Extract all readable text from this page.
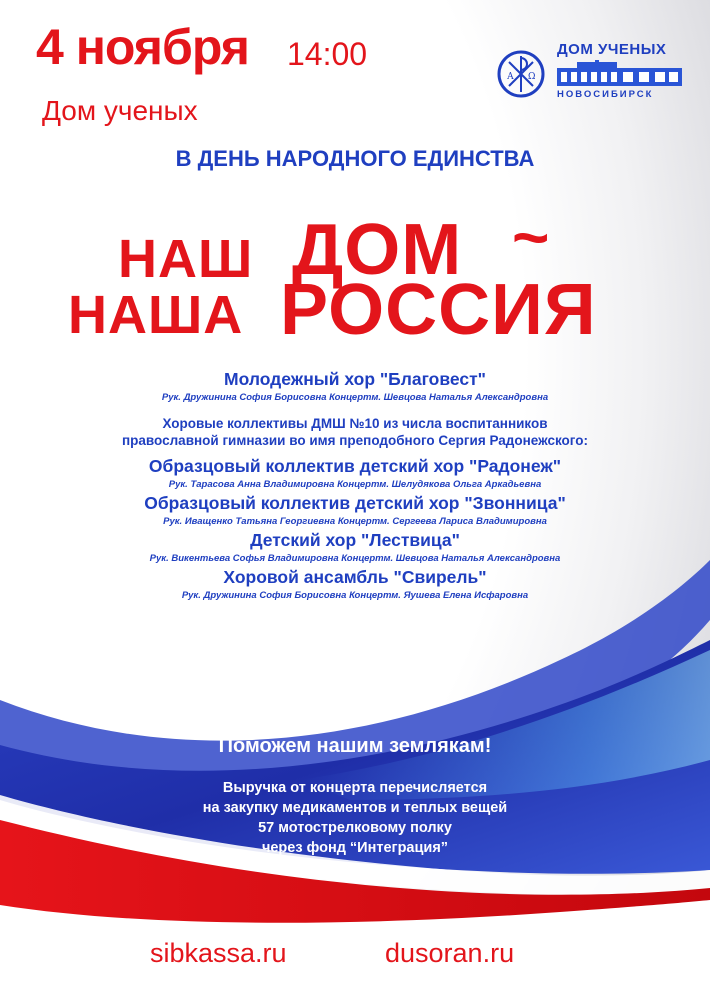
4 ноября 14:00
Дом ученых
А Ω
ДОМ УЧЕНЫХ
НОВОСИБИРСК
В ДЕНЬ НАРОДНОГО ЕДИНСТВА
НАШ ДОМ ~
НАША РОССИЯ
Молодежный хор "Благовест"
Рук. Дружинина София Борисовна Концертм. Шевцова Наталья Александровна
Хоровые коллективы ДМШ №10 из числа воспитанников
православной гимназии во имя преподобного Сергия Радонежского:
Образцовый коллектив детский хор "Радонеж"
Рук. Тарасова Анна Владимировна Концертм. Шелудякова Ольга Аркадьевна
Образцовый коллектив детский хор "Звонница"
Рук. Иващенко Татьяна Георгиевна Концертм. Сергеева Лариса Владимировна
Детский хор "Лествица"
Рук. Викентьева Софья Владимировна Концертм. Шевцова Наталья Александровна
Хоровой ансамбль "Свирель"
Рук. Дружинина София Борисовна Концертм. Яушева Елена Исфаровна
Поможем нашим землякам!
Выручка от концерта перечисляется
на закупку медикаментов и теплых вещей
57 мотострелковому полку
через фонд “Интеграция”
sibkassa.ru	dusoran.ru
